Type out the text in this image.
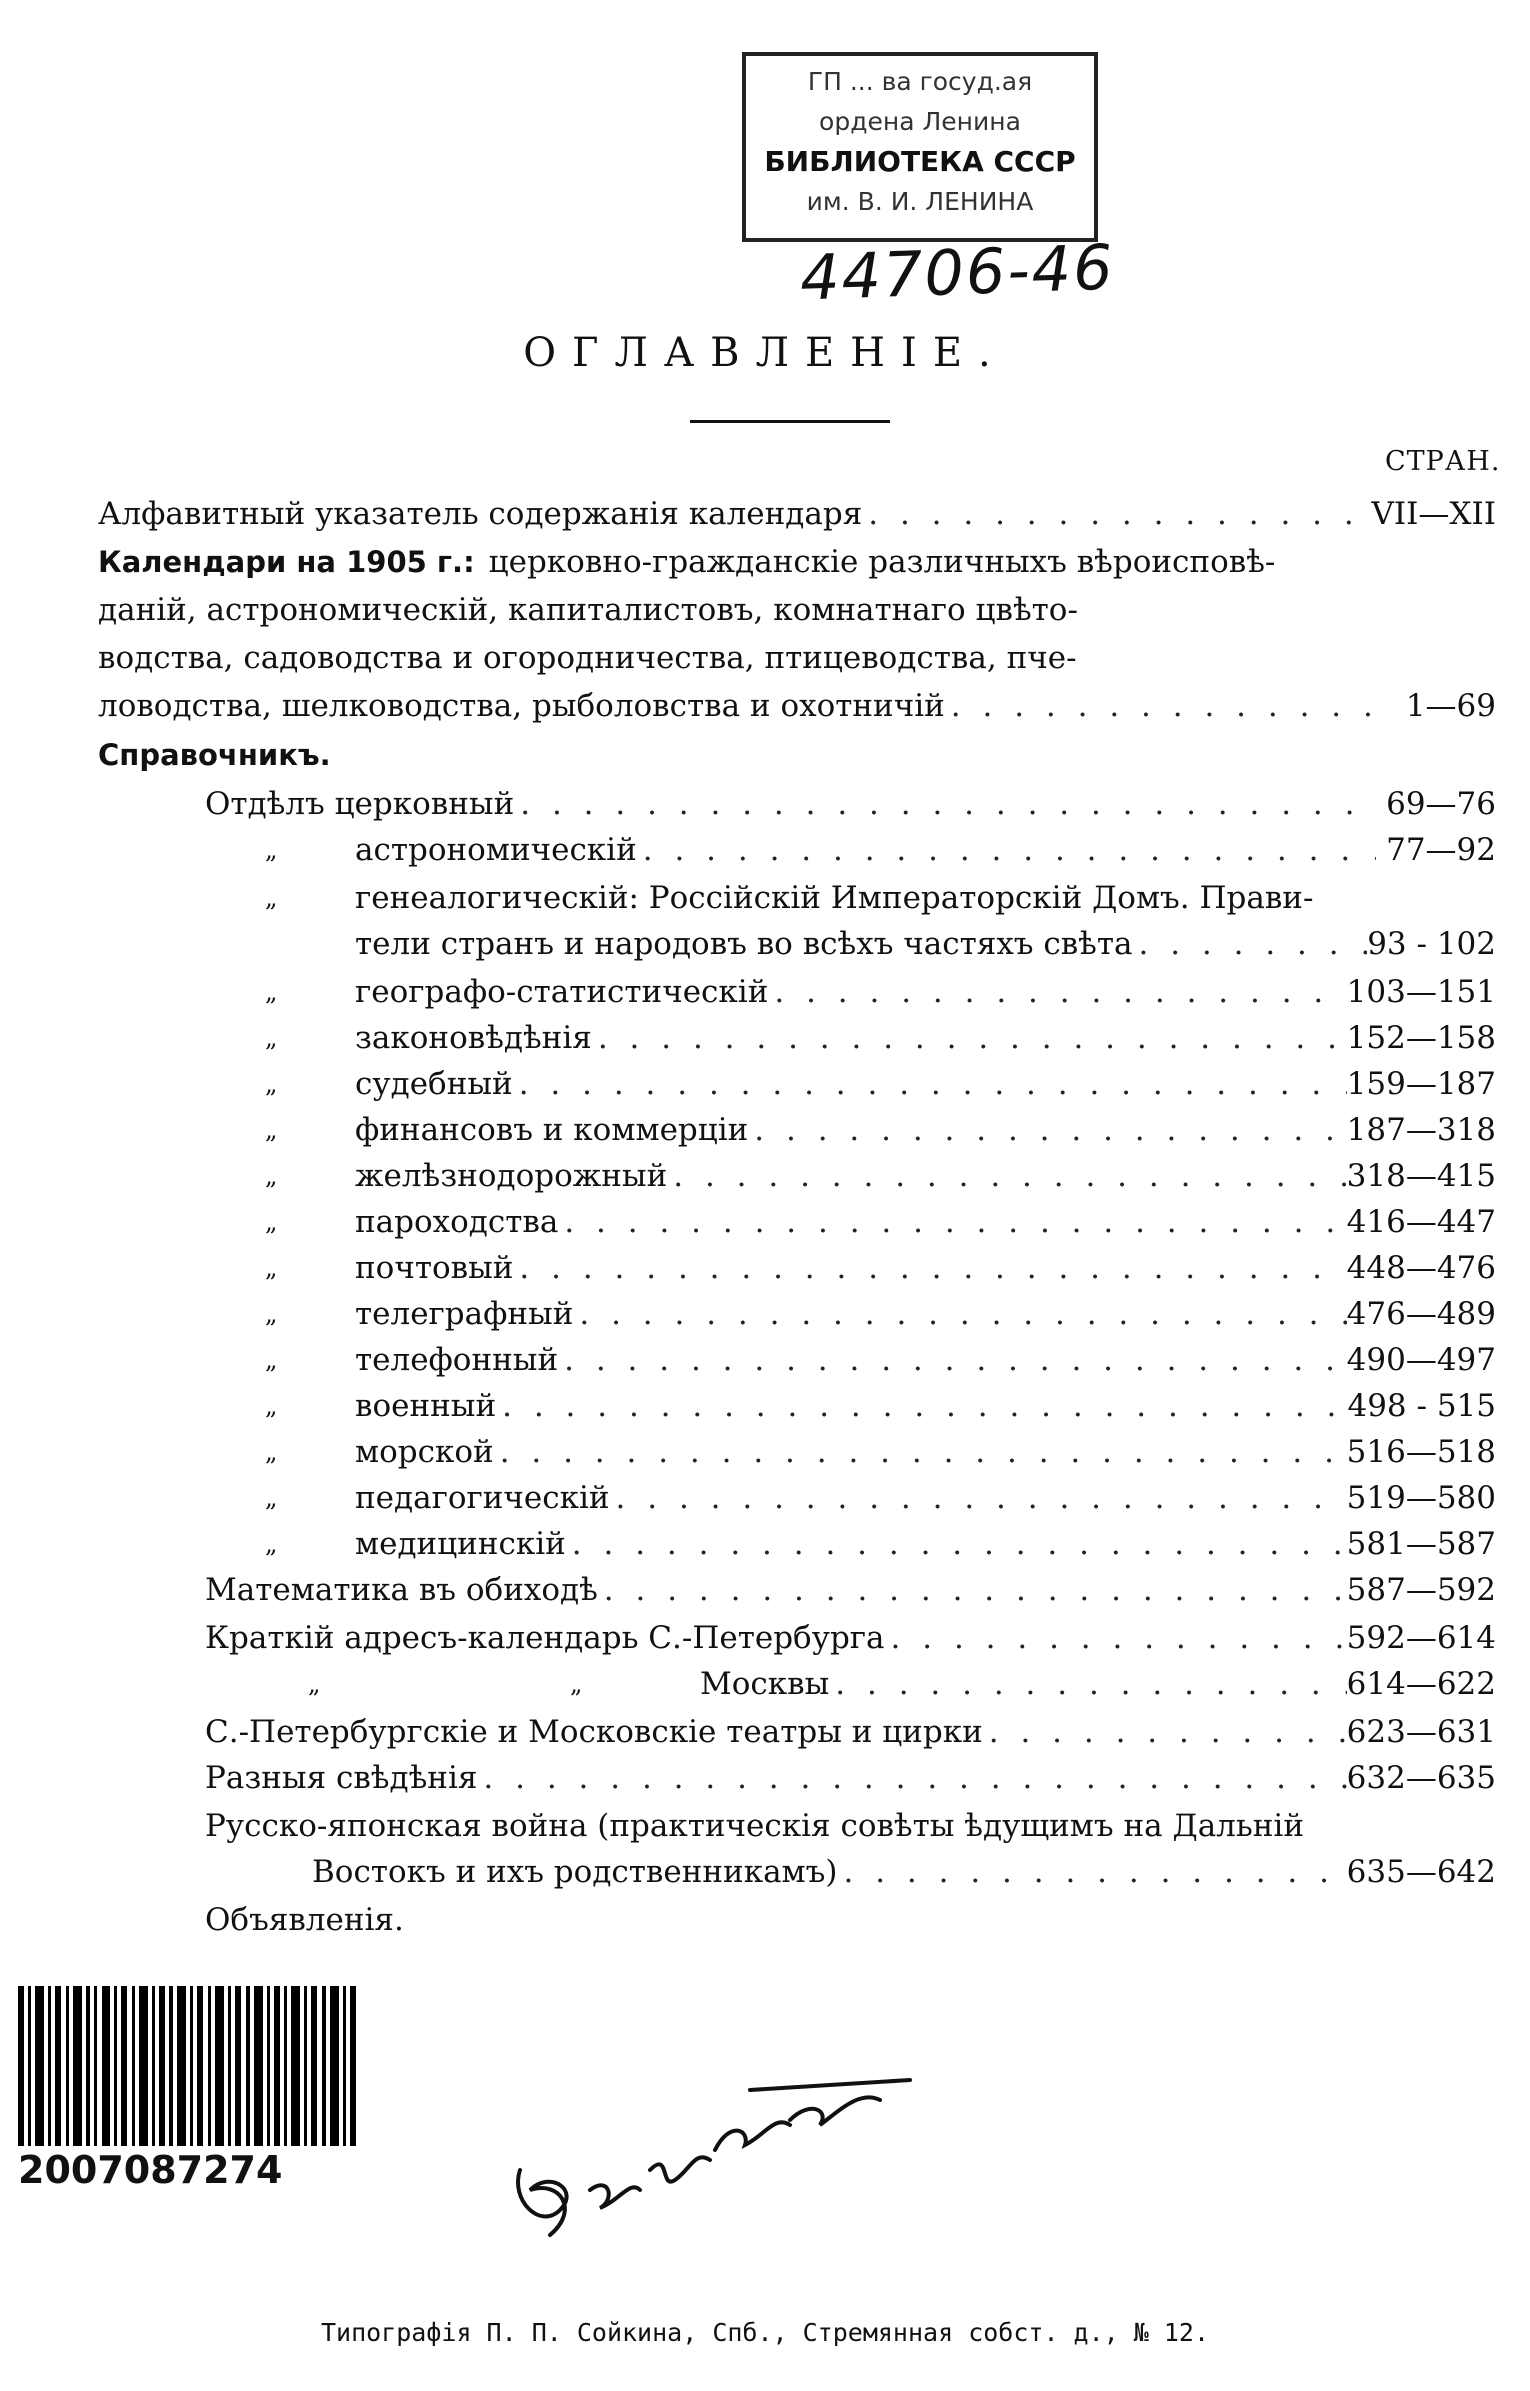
ГП ... ва госуд.ая
ордена Ленина
БИБЛИОТЕКА СССР
им. В. И. ЛЕНИНА
44706-46
ОГЛАВЛЕНIЕ.
СТРАН.
Алфавитный указатель содержанія календаря . . .	VII—XII
Календари на 1905 г.: церковно-гражданскіе различныхъ вѣроисповѣ-
даній, астрономическій, капиталистовъ, комнатнаго цвѣто-
водства, садоводства и огородничества, птицеводства, пче-
ловодства, шелководства, рыболовства и охотничій . . .	1—69
Справочникъ.
Отдѣлъ церковный . . .	69—76
„	астрономическій . . .	77—92
„	генеалогическій: Россійскій Императорскій Домъ. Прави-
тели странъ и народовъ во всѣхъ частяхъ свѣта . . .	93 - 102
„	географо-статистическій . . .	103—151
„	законовѣдѣнія . . .	152—158
„	судебный . . .	159—187
„	финансовъ и коммерціи . . .	187—318
„	желѣзнодорожный . . .	318—415
„	пароходства . . .	416—447
„	почтовый . . .	448—476
„	телеграфный . . .	476—489
„	телефонный . . .	490—497
„	военный . . .	498 - 515
„	морской . . .	516—518
„	педагогическій . . .	519—580
„	медицинскій . . .	581—587
Математика въ обиходѣ . . .	587—592
Краткій адресъ-календарь С.-Петербурга . . .	592—614
„	„	Москвы . . .	614—622
С.-Петербургскіе и Московскіе театры и цирки . . .	623—631
Разныя свѣдѣнія . . .	632—635
Русско-японская война (практическія совѣты ѣдущимъ на Дальній
Востокъ и ихъ родственникамъ) . . .	635—642
Объявленія.
2007087274
Типографія П. П. Сойкина, Спб., Стремянная собст. д., № 12.
